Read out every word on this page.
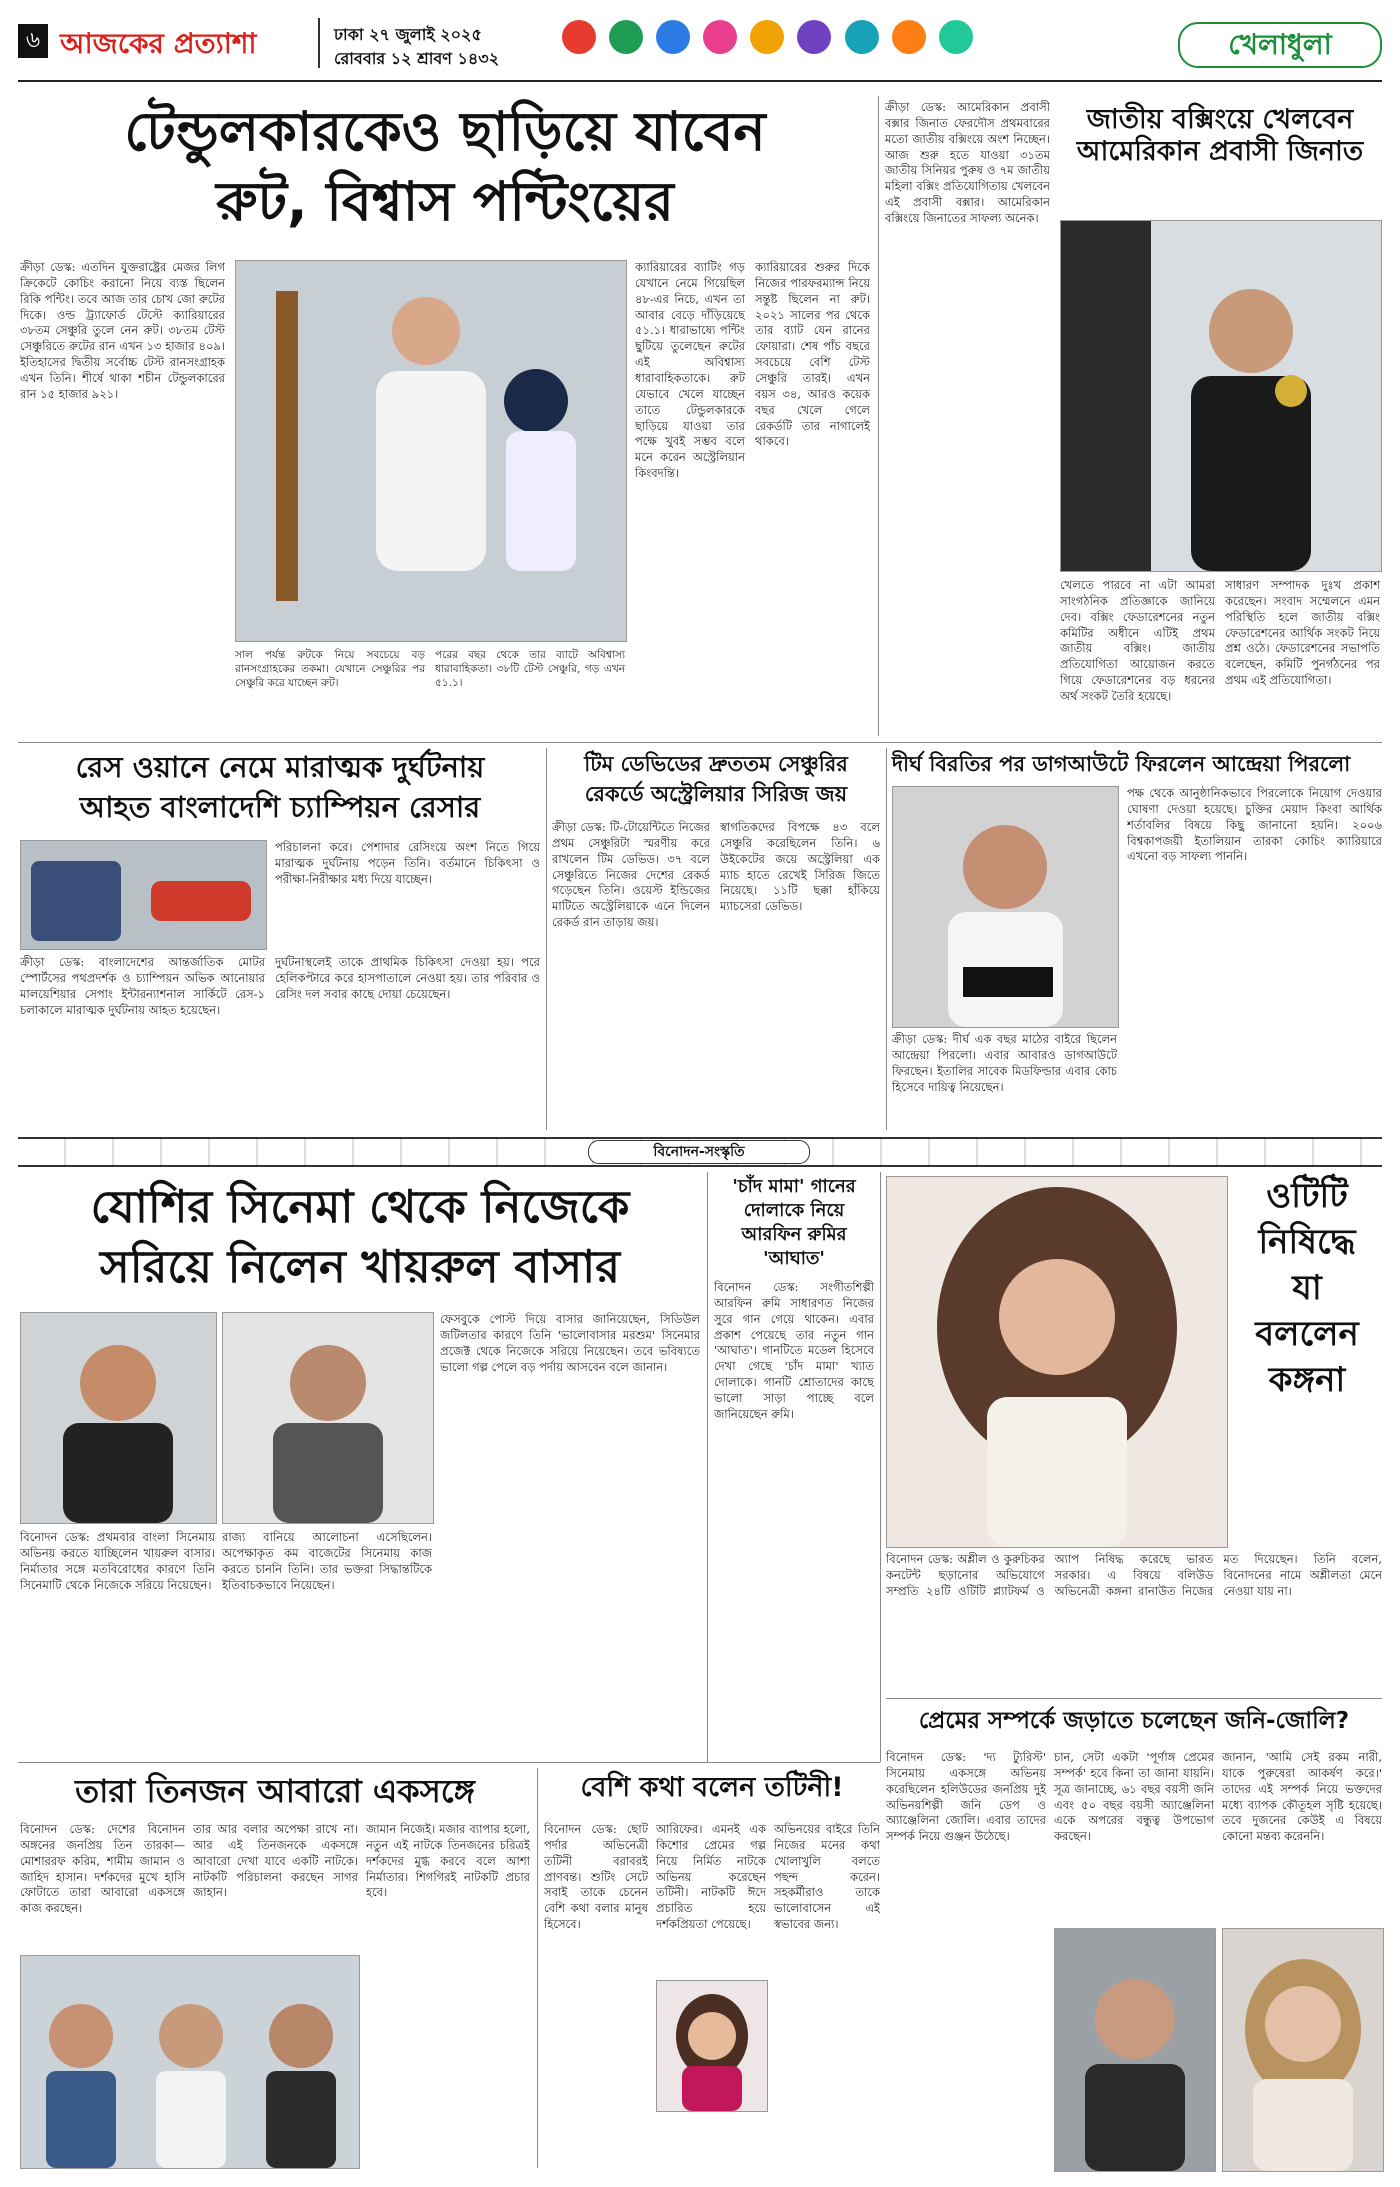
৬ আজকের প্রত্যাশা	ঢাকা ২৭ জুলাই ২০২৫
রোববার ১২ শ্রাবণ ১৪৩২
	খেলাধুলা
টেন্ডুলকারকেও ছাড়িয়ে যাবেন
রুট, বিশ্বাস পন্টিংয়ের
ক্রীড়া ডেস্ক: এতদিন যুক্তরাষ্ট্রের মেজর লিগ ক্রিকেটে কোচিং করানো নিয়ে ব্যস্ত ছিলেন রিকি পন্টিং। তবে আজ তার চোখ জো রুটের দিকে। ওল্ড ট্র্যাফোর্ড টেস্টে ক্যারিয়ারের ৩৮তম সেঞ্চুরি তুলে নেন রুট। ৩৮তম টেস্ট সেঞ্চুরিতে রুটের রান এখন ১৩ হাজার ৪০৯। ইতিহাসের দ্বিতীয় সর্বোচ্চ টেস্ট রানসংগ্রাহক এখন তিনি। শীর্ষে থাকা শচীন টেন্ডুলকারের রান ১৫ হাজার ৯২১।
সাল পর্যন্ত রুটকে নিয়ে সবচেয়ে বড় রানসংগ্রাহকের তকমা। যেখানে সেঞ্চুরির পর সেঞ্চুরি করে যাচ্ছেন রুট।
পরের বছর থেকে তার ব্যাটে অবিশ্বাস্য ধারাবাহিকতা। ৩৮টি টেস্ট সেঞ্চুরি, গড় এখন ৫১.১।
ক্যারিয়ারের ব্যাটিং গড় যেখানে নেমে গিয়েছিল ৪৮-এর নিচে, এখন তা আবার বেড়ে দাঁড়িয়েছে ৫১.১। ধারাভাষ্যে পন্টিং ছুটিয়ে তুলেছেন রুটের এই অবিশ্বাস্য ধারাবাহিকতাকে। রুট যেভাবে খেলে যাচ্ছেন তাতে টেন্ডুলকারকে ছাড়িয়ে যাওয়া তার পক্ষে খুবই সম্ভব বলে মনে করেন অস্ট্রেলিয়ান কিংবদন্তি।
ক্যারিয়ারের শুরুর দিকে নিজের পারফরম্যান্স নিয়ে সন্তুষ্ট ছিলেন না রুট। ২০২১ সালের পর থেকে তার ব্যাট যেন রানের ফোয়ারা। শেষ পাঁচ বছরে সবচেয়ে বেশি টেস্ট সেঞ্চুরি তারই। এখন বয়স ৩৪, আরও কয়েক বছর খেলে গেলে রেকর্ডটি তার নাগালেই থাকবে।
ক্রীড়া ডেস্ক: আমেরিকান প্রবাসী বক্সার জিনাত ফেরদৌস প্রথমবারের মতো জাতীয় বক্সিংয়ে অংশ নিচ্ছেন। আজ শুরু হতে যাওয়া ৩১তম জাতীয় সিনিয়র পুরুষ ও ৭ম জাতীয় মহিলা বক্সিং প্রতিযোগিতায় খেলবেন এই প্রবাসী বক্সার। আমেরিকান বক্সিংয়ে জিনাতের সাফল্য অনেক।
জাতীয় বক্সিংয়ে খেলবেন আমেরিকান প্রবাসী জিনাত
খেলতে পারবে না এটা আমরা সাংগঠনিক প্রতিজ্ঞাকে জানিয়ে দেব। বক্সিং ফেডারেশনের নতুন কমিটির অধীনে এটিই প্রথম জাতীয় বক্সিং। জাতীয় প্রতিযোগিতা আয়োজন করতে গিয়ে ফেডারেশনের বড় ধরনের অর্থ সংকট তৈরি হয়েছে।
সাধারণ সম্পাদক দুঃখ প্রকাশ করেছেন। সংবাদ সম্মেলনে এমন পরিস্থিতি হলে জাতীয় বক্সিং ফেডারেশনের আর্থিক সংকট নিয়ে প্রশ্ন ওঠে। ফেডারেশনের সভাপতি বলেছেন, কমিটি পুনর্গঠনের পর প্রথম এই প্রতিযোগিতা।
রেস ওয়ানে নেমে মারাত্মক দুর্ঘটনায়
আহত বাংলাদেশি চ্যাম্পিয়ন রেসার
পরিচালনা করে। পেশাদার রেসিংয়ে অংশ নিতে গিয়ে মারাত্মক দুর্ঘটনায় পড়েন তিনি। বর্তমানে চিকিৎসা ও পরীক্ষা-নিরীক্ষার মধ্য দিয়ে যাচ্ছেন।
ক্রীড়া ডেস্ক: বাংলাদেশের আন্তর্জাতিক মোটর স্পোর্টসের পথপ্রদর্শক ও চ্যাম্পিয়ন অভিক আনোয়ার মালয়েশিয়ার সেপাং ইন্টারন্যাশনাল সার্কিটে রেস-১ চলাকালে মারাত্মক দুর্ঘটনায় আহত হয়েছেন।
দুর্ঘটনাস্থলেই তাকে প্রাথমিক চিকিৎসা দেওয়া হয়। পরে হেলিকপ্টারে করে হাসপাতালে নেওয়া হয়। তার পরিবার ও রেসিং দল সবার কাছে দোয়া চেয়েছেন।
টিম ডেভিডের দ্রুততম সেঞ্চুরির
রেকর্ডে অস্ট্রেলিয়ার সিরিজ জয়
ক্রীড়া ডেস্ক: টি-টোয়েন্টিতে নিজের প্রথম সেঞ্চুরিটা স্মরণীয় করে রাখলেন টিম ডেভিড। ৩৭ বলে সেঞ্চুরিতে নিজের দেশের রেকর্ড গড়েছেন তিনি। ওয়েস্ট ইন্ডিজের মাটিতে অস্ট্রেলিয়াকে এনে দিলেন রেকর্ড রান তাড়ায় জয়।
স্বাগতিকদের বিপক্ষে ৪৩ বলে সেঞ্চুরি করেছিলেন তিনি। ৬ উইকেটের জয়ে অস্ট্রেলিয়া এক ম্যাচ হাতে রেখেই সিরিজ জিতে নিয়েছে। ১১টি ছক্কা হাঁকিয়ে ম্যাচসেরা ডেভিড।
দীর্ঘ বিরতির পর ডাগআউটে ফিরলেন আন্দ্রেয়া পিরলো
ক্রীড়া ডেস্ক: দীর্ঘ এক বছর মাঠের বাইরে ছিলেন আন্দ্রেয়া পিরলো। এবার আবারও ডাগআউটে ফিরছেন। ইতালির সাবেক মিডফিল্ডার এবার কোচ হিসেবে দায়িত্ব নিয়েছেন।
পক্ষ থেকে আনুষ্ঠানিকভাবে পিরলোকে নিয়োগ দেওয়ার ঘোষণা দেওয়া হয়েছে। চুক্তির মেয়াদ কিংবা আর্থিক শর্তাবলির বিষয়ে কিছু জানানো হয়নি। ২০০৬ বিশ্বকাপজয়ী ইতালিয়ান তারকা কোচিং ক্যারিয়ারে এখনো বড় সাফল্য পাননি।
বিনোদন-সংস্কৃতি
যোশির সিনেমা থেকে নিজেকে
সরিয়ে নিলেন খায়রুল বাসার
বিনোদন ডেস্ক: প্রথমবার বাংলা সিনেমায় অভিনয় করতে যাচ্ছিলেন খায়রুল বাসার। নির্মাতার সঙ্গে মতবিরোধের কারণে তিনি সিনেমাটি থেকে নিজেকে সরিয়ে নিয়েছেন।
রাজ্য বানিয়ে আলোচনা এসেছিলেন। অপেক্ষাকৃত কম বাজেটের সিনেমায় কাজ করতে চাননি তিনি। তার ভক্তরা সিদ্ধান্তটিকে ইতিবাচকভাবে নিয়েছেন।
ফেসবুকে পোস্ট দিয়ে বাসার জানিয়েছেন, সিডিউল জটিলতার কারণে তিনি 'ভালোবাসার মরশুম' সিনেমার প্রজেক্ট থেকে নিজেকে সরিয়ে নিয়েছেন। তবে ভবিষ্যতে ভালো গল্প পেলে বড় পর্দায় আসবেন বলে জানান।
'চাঁদ মামা' গানের
দোলাকে নিয়ে
আরফিন রুমির
'আঘাত'
বিনোদন ডেস্ক: সংগীতশিল্পী আরফিন রুমি সাধারণত নিজের সুরে গান গেয়ে থাকেন। এবার প্রকাশ পেয়েছে তার নতুন গান 'আঘাত'। গানটিতে মডেল হিসেবে দেখা গেছে 'চাঁদ মামা' খ্যাত দোলাকে। গানটি শ্রোতাদের কাছে ভালো সাড়া পাচ্ছে বলে জানিয়েছেন রুমি।
ওটিটি
নিষিদ্ধে
যা
বললেন
কঙ্গনা
বিনোদন ডেস্ক: অশ্লীল ও কুরুচিকর কনটেন্ট ছড়ানোর অভিযোগে সম্প্রতি ২৪টি ওটিটি প্ল্যাটফর্ম ও অ্যাপ নিষিদ্ধ করেছে ভারত সরকার। এ বিষয়ে বলিউড অভিনেত্রী কঙ্গনা রানাউত নিজের মত দিয়েছেন। তিনি বলেন, বিনোদনের নামে অশ্লীলতা মেনে নেওয়া যায় না।
প্রেমের সম্পর্কে জড়াতে চলেছেন জনি-জোলি?
বিনোদন ডেস্ক: 'দ্য ট্যুরিস্ট' সিনেমায় একসঙ্গে অভিনয় করেছিলেন হলিউডের জনপ্রিয় দুই অভিনয়শিল্পী জনি ডেপ ও অ্যাঞ্জেলিনা জোলি। এবার তাদের সম্পর্ক নিয়ে গুঞ্জন উঠেছে।
চান, সেটা একটা 'পূর্ণাঙ্গ প্রেমের সম্পর্ক' হবে কিনা তা জানা যায়নি। সূত্র জানাচ্ছে, ৬১ বছর বয়সী জনি এবং ৫০ বছর বয়সী অ্যাঞ্জেলিনা একে অপরের বন্ধুত্ব উপভোগ করছেন।
জানান, 'আমি সেই রকম নারী, যাকে পুরুষেরা আকর্ষণ করে।' তাদের এই সম্পর্ক নিয়ে ভক্তদের মধ্যে ব্যাপক কৌতূহল সৃষ্টি হয়েছে। তবে দুজনের কেউই এ বিষয়ে কোনো মন্তব্য করেননি।
তারা তিনজন আবারো একসঙ্গে
বিনোদন ডেস্ক: দেশের বিনোদন অঙ্গনের জনপ্রিয় তিন তারকা— মোশাররফ করিম, শামীম জামান ও জাহিদ হাসান। দর্শকদের মুখে হাসি ফোটাতে তারা আবারো একসঙ্গে কাজ করছেন।
তার আর বলার অপেক্ষা রাখে না। আর এই তিনজনকে একসঙ্গে আবারো দেখা যাবে একটি নাটকে। নাটকটি পরিচালনা করছেন সাগর জাহান।
জামান নিজেই। মজার ব্যাপার হলো, নতুন এই নাটকে তিনজনের চরিত্রই দর্শকদের মুগ্ধ করবে বলে আশা নির্মাতার। শিগগিরই নাটকটি প্রচার হবে।
বেশি কথা বলেন তটিনী!
বিনোদন ডেস্ক: ছোট পর্দার অভিনেত্রী তটিনী বরাবরই প্রাণবন্ত। শুটিং সেটে সবাই তাকে চেনেন বেশি কথা বলার মানুষ হিসেবে।
আরিফের। এমনই এক কিশোর প্রেমের গল্প নিয়ে নির্মিত নাটকে অভিনয় করেছেন তটিনী। নাটকটি ঈদে প্রচারিত হয়ে দর্শকপ্রিয়তা পেয়েছে।
অভিনয়ের বাইরে তিনি নিজের মনের কথা খোলাখুলি বলতে পছন্দ করেন। সহকর্মীরাও তাকে ভালোবাসেন এই স্বভাবের জন্য।
